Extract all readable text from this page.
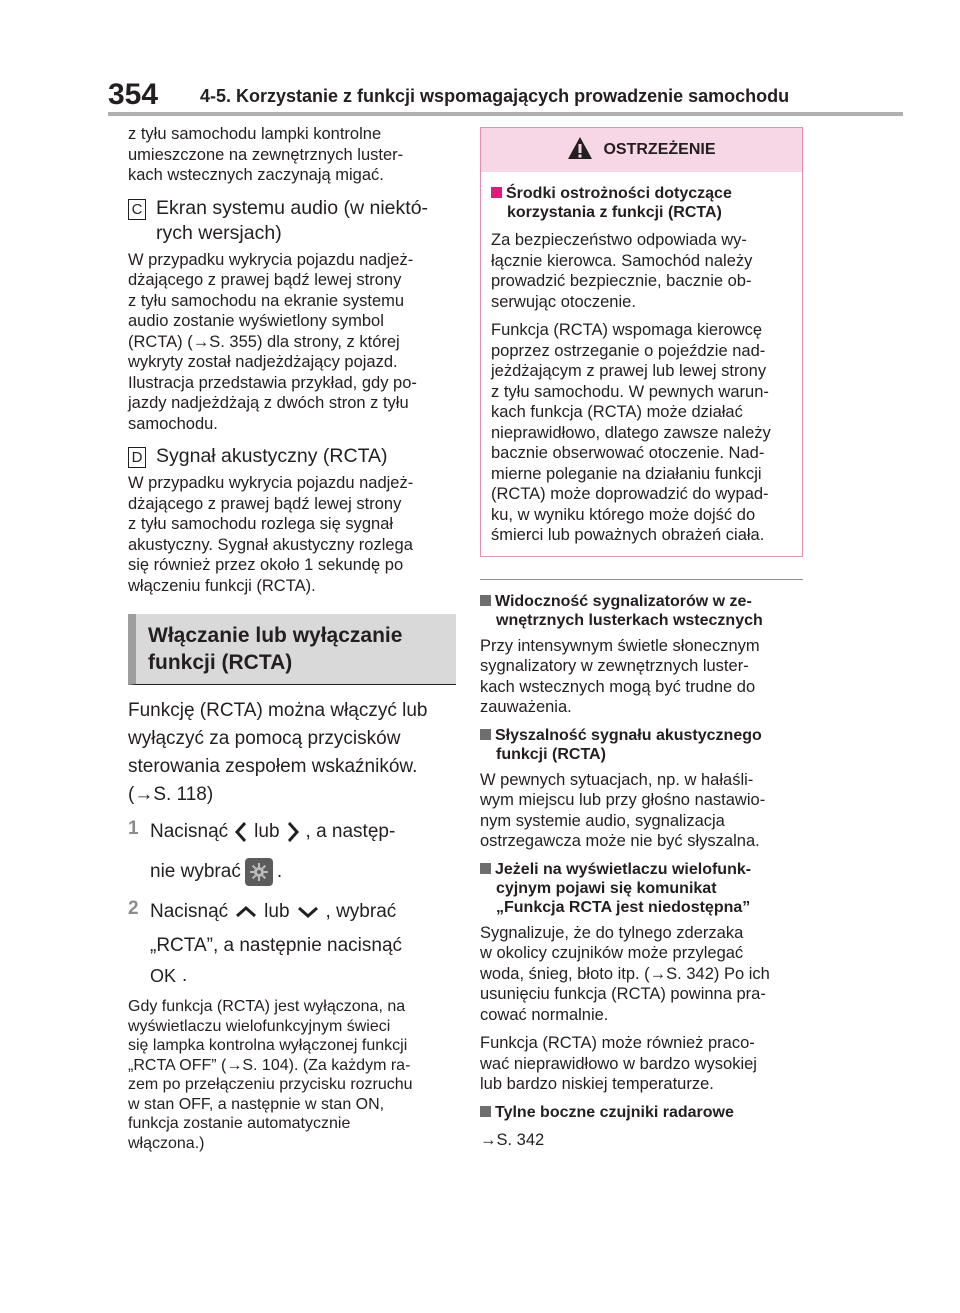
354 4-5. Korzystanie z funkcji wspomagających prowadzenie samochodu

z tyłu samochodu lampki kontrolne
umieszczone na zewnętrznych luster-
kach wstecznych zaczynają migać.

C Ekran systemu audio (w niektó-
rych wersjach)

W przypadku wykrycia pojazdu nadjeż-
dżającego z prawej bądź lewej strony
z tyłu samochodu na ekranie systemu
audio zostanie wyświetlony symbol
(RCTA) (→S. 355) dla strony, z której
wykryty został nadjeżdżający pojazd.
Ilustracja przedstawia przykład, gdy po-
jazdy nadjeżdżają z dwóch stron z tyłu
samochodu.

D Sygnał akustyczny (RCTA)

W przypadku wykrycia pojazdu nadjeż-
dżającego z prawej bądź lewej strony
z tyłu samochodu rozlega się sygnał
akustyczny. Sygnał akustyczny rozlega
się również przez około 1 sekundę po
włączeniu funkcji (RCTA).

Włączanie lub wyłączanie
funkcji (RCTA)

Funkcję (RCTA) można włączyć lub
wyłączyć za pomocą przycisków
sterowania zespołem wskaźników.
(→S. 118)

1 Nacisnąć lub , a następ-
nie wybrać .
2 Nacisnąć lub , wybrać
„RCTA”, a następnie nacisnąć
OK .

Gdy funkcja (RCTA) jest wyłączona, na
wyświetlaczu wielofunkcyjnym świeci
się lampka kontrolna wyłączonej funkcji
„RCTA OFF” (→S. 104). (Za każdym ra-
zem po przełączeniu przycisku rozruchu
w stan OFF, a następnie w stan ON,
funkcja zostanie automatycznie
włączona.)

OSTRZEŻENIE

Środki ostrożności dotyczące
korzystania z funkcji (RCTA)

Za bezpieczeństwo odpowiada wy-
łącznie kierowca. Samochód należy
prowadzić bezpiecznie, bacznie ob-
serwując otoczenie.

Funkcja (RCTA) wspomaga kierowcę
poprzez ostrzeganie o pojeździe nad-
jeżdżającym z prawej lub lewej strony
z tyłu samochodu. W pewnych warun-
kach funkcja (RCTA) może działać
nieprawidłowo, dlatego zawsze należy
bacznie obserwować otoczenie. Nad-
mierne poleganie na działaniu funkcji
(RCTA) może doprowadzić do wypad-
ku, w wyniku którego może dojść do
śmierci lub poważnych obrażeń ciała.

Widoczność sygnalizatorów w ze-
wnętrznych lusterkach wstecznych

Przy intensywnym świetle słonecznym
sygnalizatory w zewnętrznych luster-
kach wstecznych mogą być trudne do
zauważenia.

Słyszalność sygnału akustycznego
funkcji (RCTA)

W pewnych sytuacjach, np. w hałaśli-
wym miejscu lub przy głośno nastawio-
nym systemie audio, sygnalizacja
ostrzegawcza może nie być słyszalna.

Jeżeli na wyświetlaczu wielofunk-
cyjnym pojawi się komunikat
„Funkcja RCTA jest niedostępna”

Sygnalizuje, że do tylnego zderzaka
w okolicy czujników może przylegać
woda, śnieg, błoto itp. (→S. 342) Po ich
usunięciu funkcja (RCTA) powinna pra-
cować normalnie.

Funkcja (RCTA) może również praco-
wać nieprawidłowo w bardzo wysokiej
lub bardzo niskiej temperaturze.

Tylne boczne czujniki radarowe

→S. 342
